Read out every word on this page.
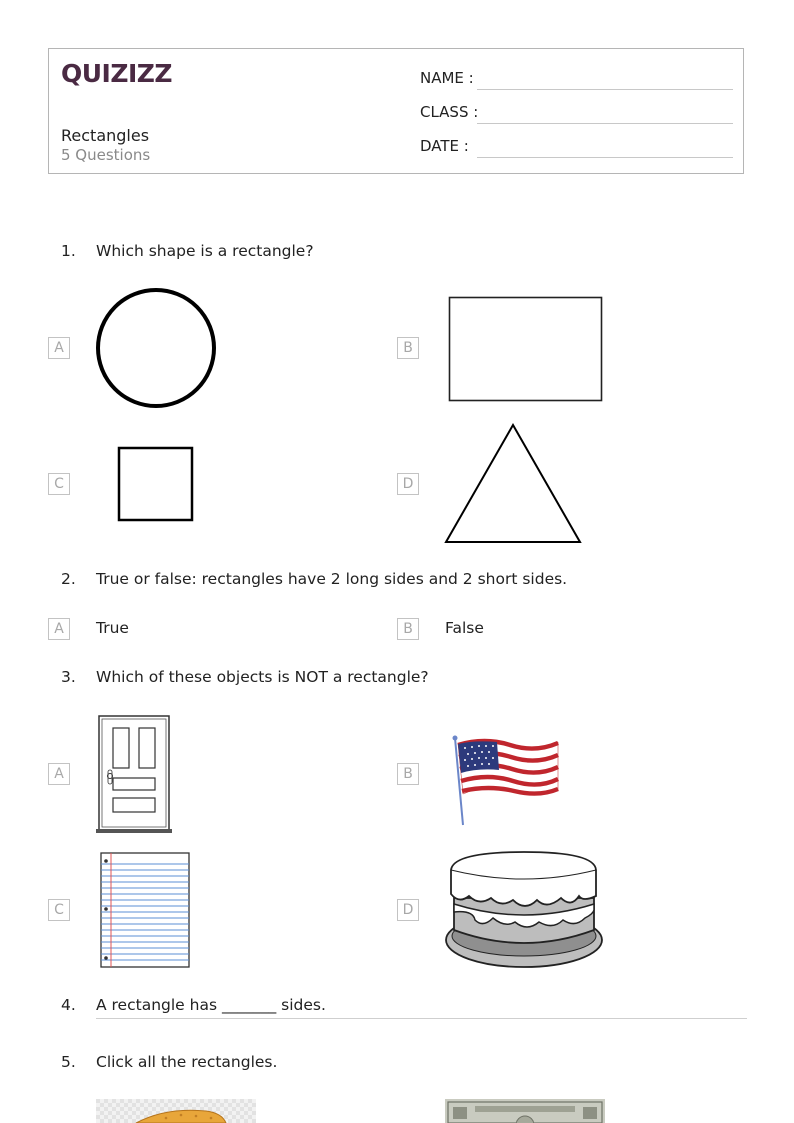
QUIZIZZ
Rectangles
5 Questions
NAME :
CLASS :
DATE :
1. Which shape is a rectangle?
A	B
C	D
2. True or false: rectangles have 2 long sides and 2 short sides.
A	True	B	False
3. Which of these objects is NOT a rectangle?
A	B
C	D
4. A rectangle has _______ sides.
5. Click all the rectangles.
